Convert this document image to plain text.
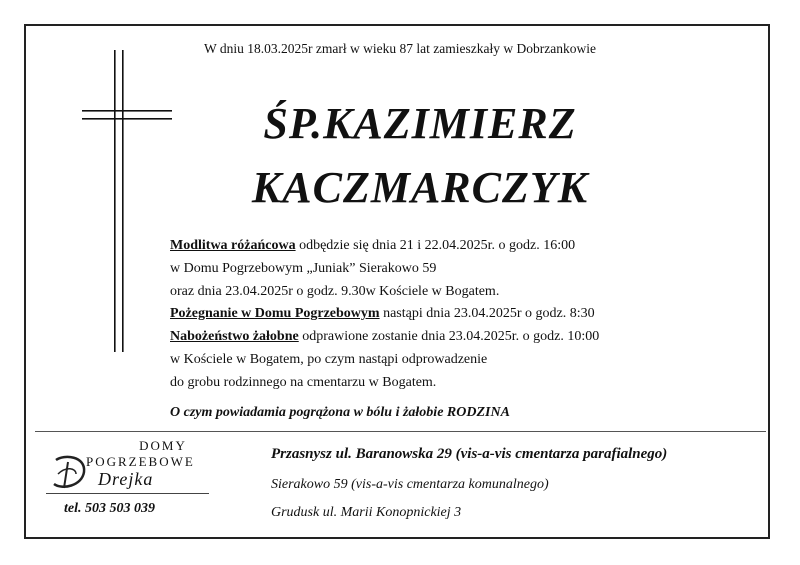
W dniu 18.03.2025r zmarł w wieku 87 lat zamieszkały w Dobrzankowie
ŚP.KAZIMIERZ
KACZMARCZYK
Modlitwa różańcowa odbędzie się dnia 21 i 22.04.2025r. o godz. 16:00
w Domu Pogrzebowym „Juniak” Sierakowo 59
oraz dnia 23.04.2025r o godz. 9.30w Kościele w Bogatem.
Pożegnanie w Domu Pogrzebowym nastąpi dnia 23.04.2025r o godz. 8:30
Nabożeństwo żałobne odprawione zostanie dnia 23.04.2025r. o godz. 10:00
w Kościele w Bogatem, po czym nastąpi odprowadzenie
do grobu rodzinnego na cmentarzu w Bogatem.
O czym powiadamia pogrążona w bólu i żałobie RODZINA
DOMY
POGRZEBOWE
Drejka
tel. 503 503 039
Przasnysz ul. Baranowska 29 (vis-a-vis cmentarza parafialnego)
Sierakowo 59 (vis-a-vis cmentarza komunalnego)
Grudusk ul. Marii Konopnickiej 3
